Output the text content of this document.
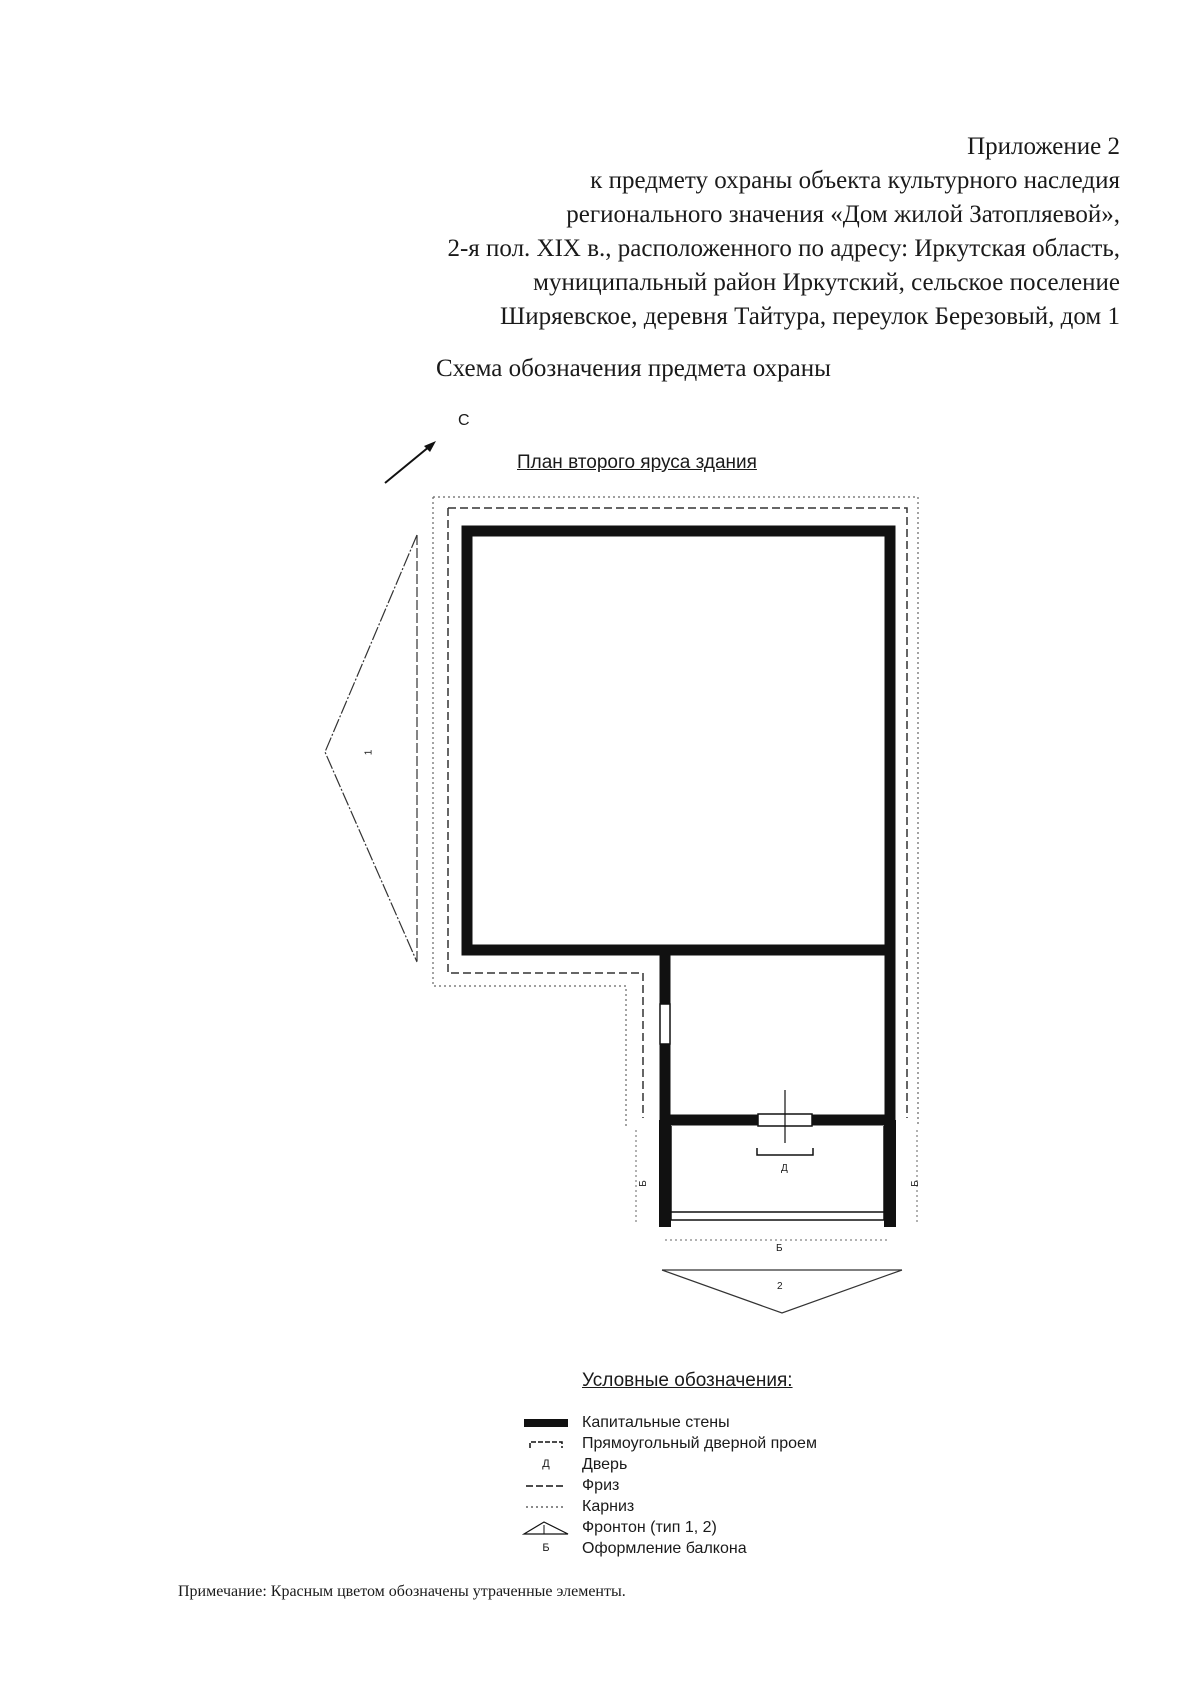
Приложение 2
к предмету охраны объекта культурного наследия
регионального значения «Дом жилой Затопляевой»,
2-я пол. XIX в., расположенного по адресу: Иркутская область,
муниципальный район Иркутский, сельское поселение
Ширяевское, деревня Тайтура, переулок Березовый, дом 1
Схема обозначения предмета охраны
С
План второго яруса здания
1
2
Д
Б	Б
Б
Условные обозначения:
Капитальные стены
Прямоугольный дверной проем
Д	Дверь
Фриз
Карниз
Фронтон (тип 1, 2)
Б	Оформление балкона
Примечание: Красным цветом обозначены утраченные элементы.
